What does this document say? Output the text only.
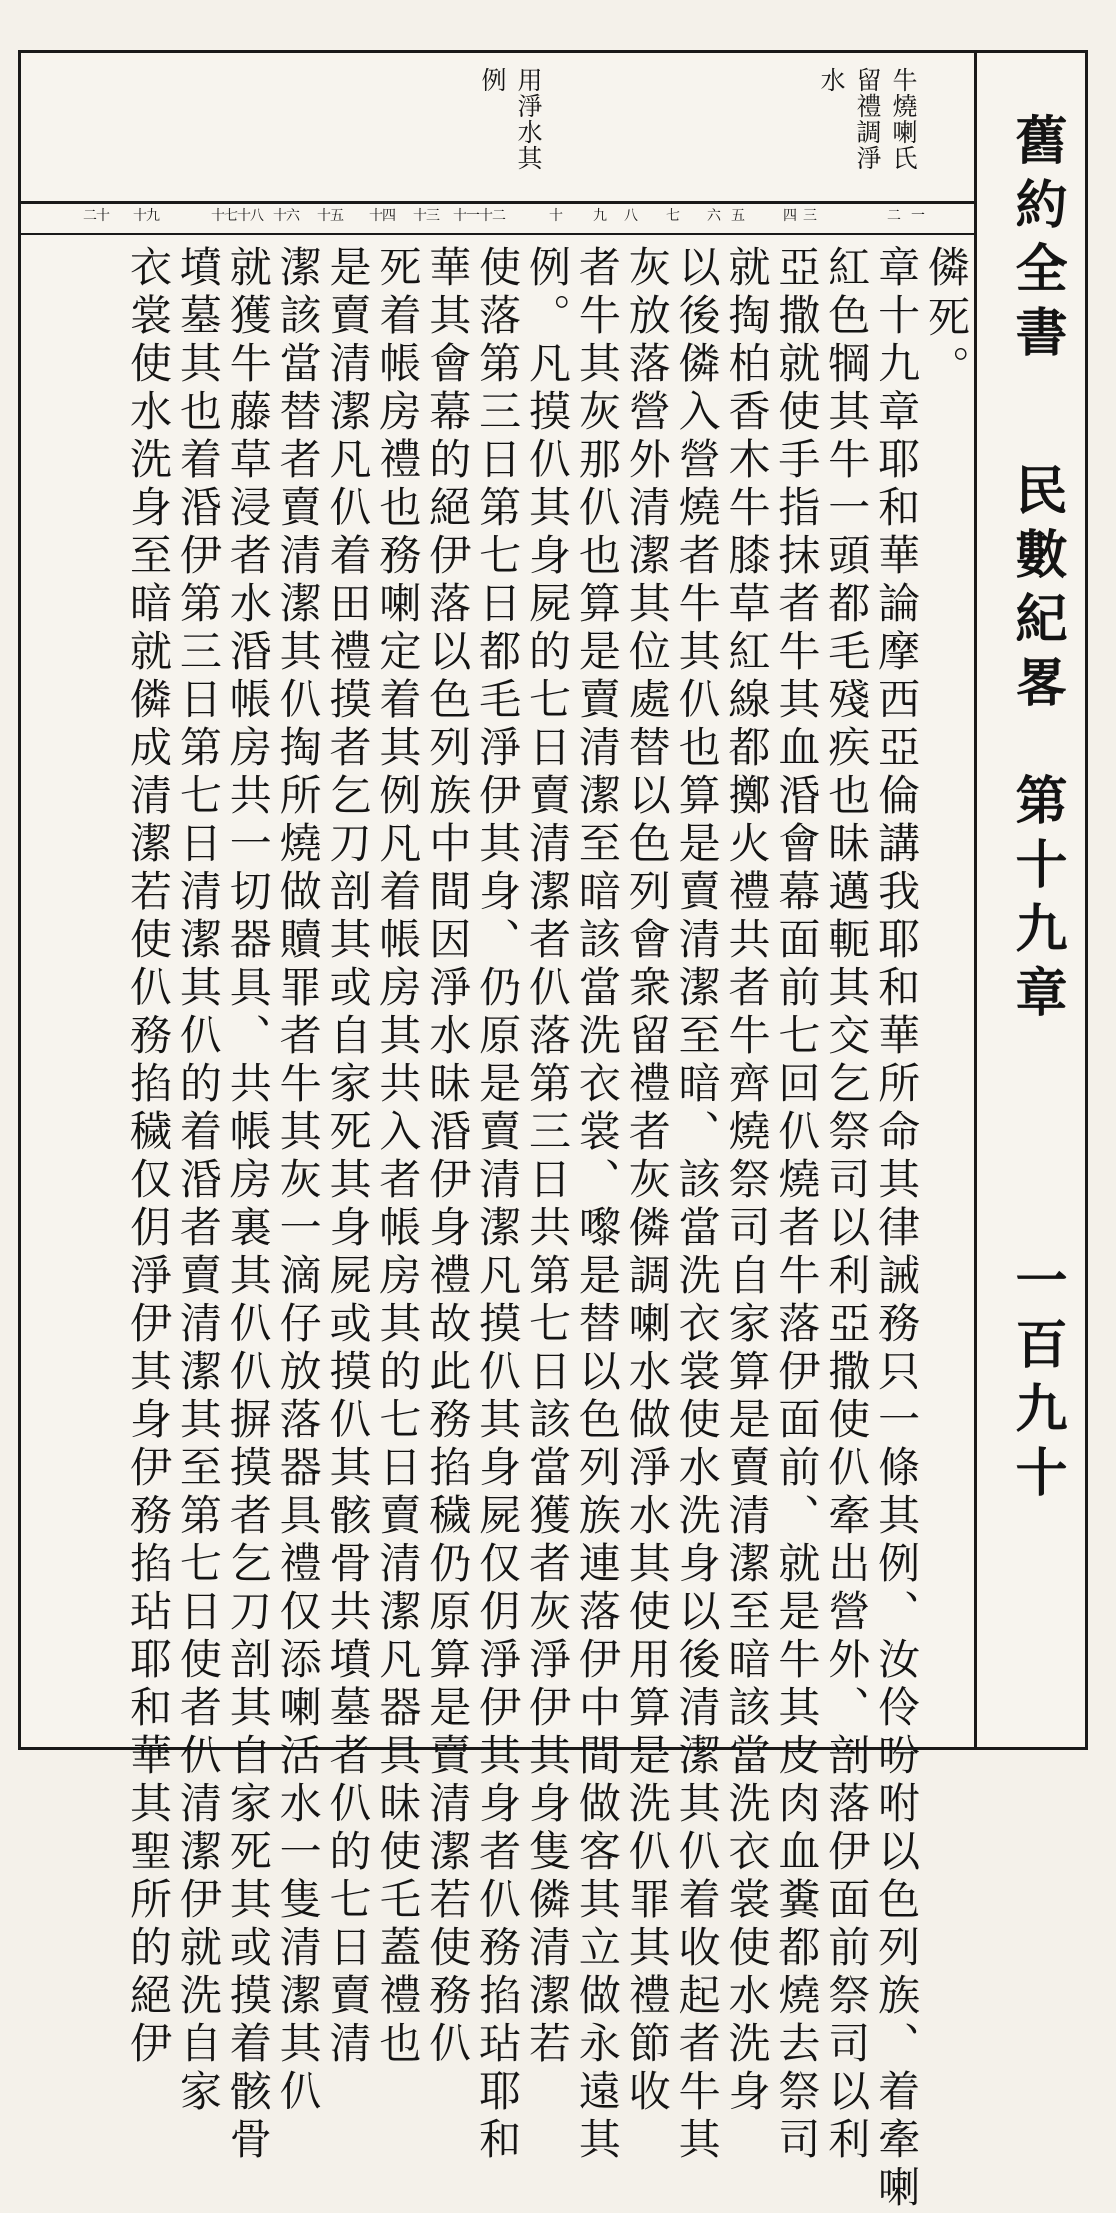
牛燒喇氏
留禮調淨
水
用淨水其
例
一
二
三
四
五
六
七
八
九
十
十一十二
十三
十四
十五
十六
十七十八
十九
二十	舊約全書
民數紀畧
第十九章
一百九十
僯死。
章十九章耶和華論摩西亞倫講我耶和華所命其律誡務只一條其例、汝伶吩咐以色列族、着牽喇
紅色犅其牛一頭都毛殘疾也昧邁軛其交乞祭司以利亞撒使仈牽出營外、剖落伊面前祭司以利
亞撒就使手指抹者牛其血涽會幕面前七回仈燒者牛落伊面前、就是牛其皮肉血糞都燒去祭司
就掏柏香木牛膝草紅線都擲火禮共者牛齊燒祭司自家算是賣清潔至暗該當洗衣裳使水洗身
以後僯入營燒者牛其仈也算是賣清潔至暗、該當洗衣裳使水洗身以後清潔其仈着收起者牛其
灰放落營外清潔其位處替以色列會衆留禮者灰僯調喇水做淨水其使用算是洗仈罪其禮節收
者牛其灰那仈也算是賣清潔至暗該當洗衣裳、嚟是替以色列族連落伊中間做客其立做永遠其
例。凡摸仈其身屍的七日賣清潔者仈落第三日共第七日該當獲者灰淨伊其身隻僯清潔若
使落第三日第七日都毛淨伊其身、仍原是賣清潔凡摸仈其身屍仅仴淨伊其身者仈務掐玷耶和
華其會幕的絕伊落以色列族中間因淨水昧涽伊身禮故此務掐穢仍原算是賣清潔若使務仈
死着帳房禮也務喇定着其例凡着帳房其共入者帳房其的七日賣清潔凡器具昧使乇蓋禮也
是賣清潔凡仈着田禮摸者乞刀剖其或自家死其身屍或摸仈其骸骨共墳墓者仈的七日賣清
潔該當替者賣清潔其仈掏所燒做贖罪者牛其灰一滴仔放落器具禮仅添喇活水一隻清潔其仈
就獲牛藤草浸者水涽帳房共一切器具、共帳房裏其仈仈摒摸者乞刀剖其自家死其或摸着骸骨
墳墓其也着涽伊第三日第七日清潔其仈的着涽者賣清潔其至第七日使者仈清潔伊就洗自家
衣裳使水洗身至暗就僯成清潔若使仈務掐穢仅仴淨伊其身伊務掐玷耶和華其聖所的絕伊
